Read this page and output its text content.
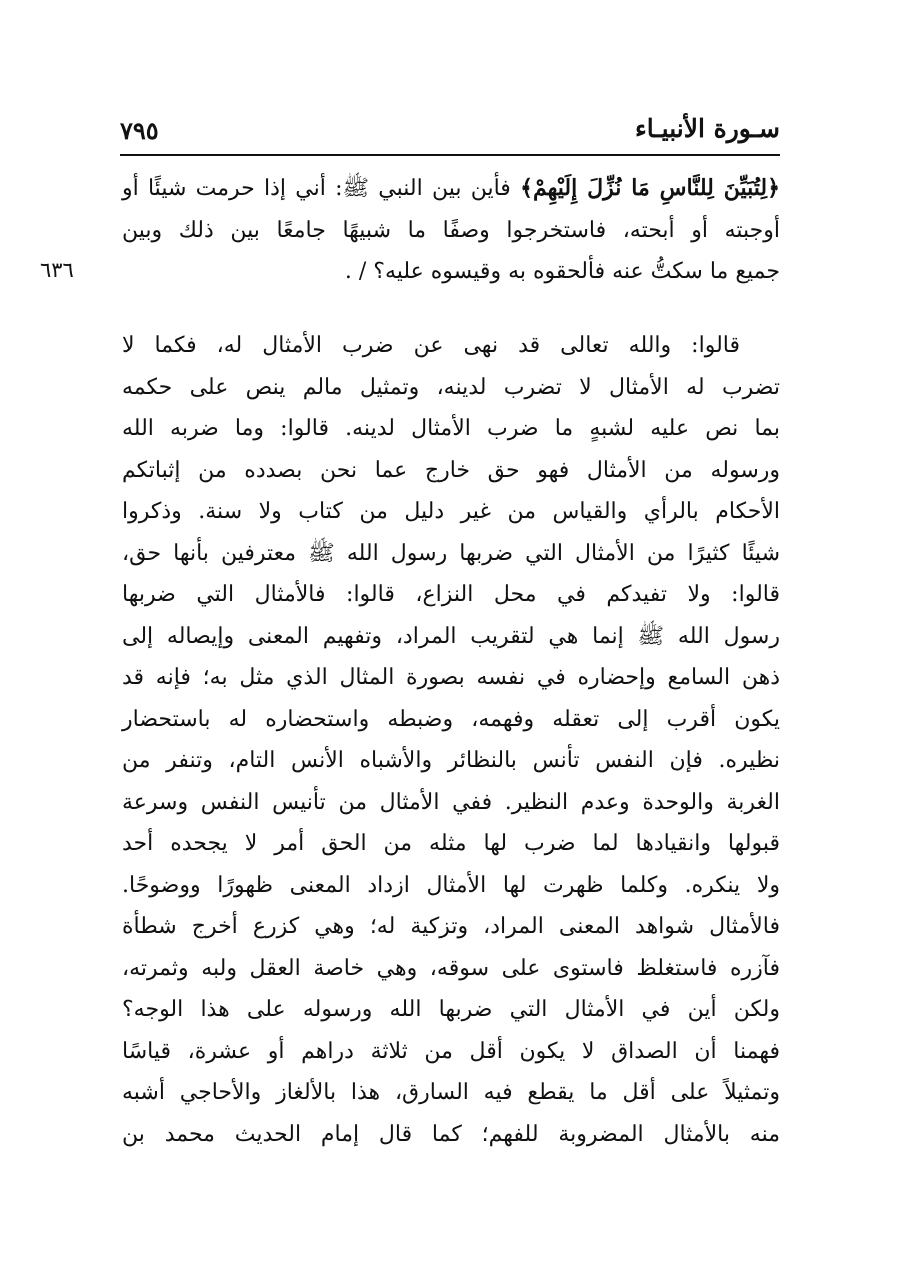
سـورة الأنبيـاء
٧٩٥
٦٣٦
﴿لِتُبَيِّنَ لِلنَّاسِ مَا نُزِّلَ إِلَيْهِمْ﴾ فأين بين النبي ﷺ: أني إذا حرمت شيئًا أو
أوجبته أو أبحته، فاستخرجوا وصفًا ما شبيهًا جامعًا بين ذلك وبين
جميع ما سكتُّ عنه فألحقوه به وقيسوه عليه؟ / .
قالوا: والله تعالى قد نهى عن ضرب الأمثال له، فكما لا
تضرب له الأمثال لا تضرب لدينه، وتمثيل مالم ينص على حكمه
بما نص عليه لشبهٍ ما ضرب الأمثال لدينه. قالوا: وما ضربه الله
ورسوله من الأمثال فهو حق خارج عما نحن بصدده من إثباتكم
الأحكام بالرأي والقياس من غير دليل من كتاب ولا سنة. وذكروا
شيئًا كثيرًا من الأمثال التي ضربها رسول الله ﷺ معترفين بأنها حق،
قالوا: ولا تفيدكم في محل النزاع، قالوا: فالأمثال التي ضربها
رسول الله ﷺ إنما هي لتقريب المراد، وتفهيم المعنى وإيصاله إلى
ذهن السامع وإحضاره في نفسه بصورة المثال الذي مثل به؛ فإنه قد
يكون أقرب إلى تعقله وفهمه، وضبطه واستحضاره له باستحضار
نظيره. فإن النفس تأنس بالنظائر والأشباه الأنس التام، وتنفر من
الغربة والوحدة وعدم النظير. ففي الأمثال من تأنيس النفس وسرعة
قبولها وانقيادها لما ضرب لها مثله من الحق أمر لا يجحده أحد
ولا ينكره. وكلما ظهرت لها الأمثال ازداد المعنى ظهورًا ووضوحًا.
فالأمثال شواهد المعنى المراد، وتزكية له؛ وهي كزرع أخرج شطأة
فآزره فاستغلظ فاستوى على سوقه، وهي خاصة العقل ولبه وثمرته،
ولكن أين في الأمثال التي ضربها الله ورسوله على هذا الوجه؟
فهمنا أن الصداق لا يكون أقل من ثلاثة دراهم أو عشرة، قياسًا
وتمثيلاً على أقل ما يقطع فيه السارق، هذا بالألغاز والأحاجي أشبه
منه بالأمثال المضروبة للفهم؛ كما قال إمام الحديث محمد بن
